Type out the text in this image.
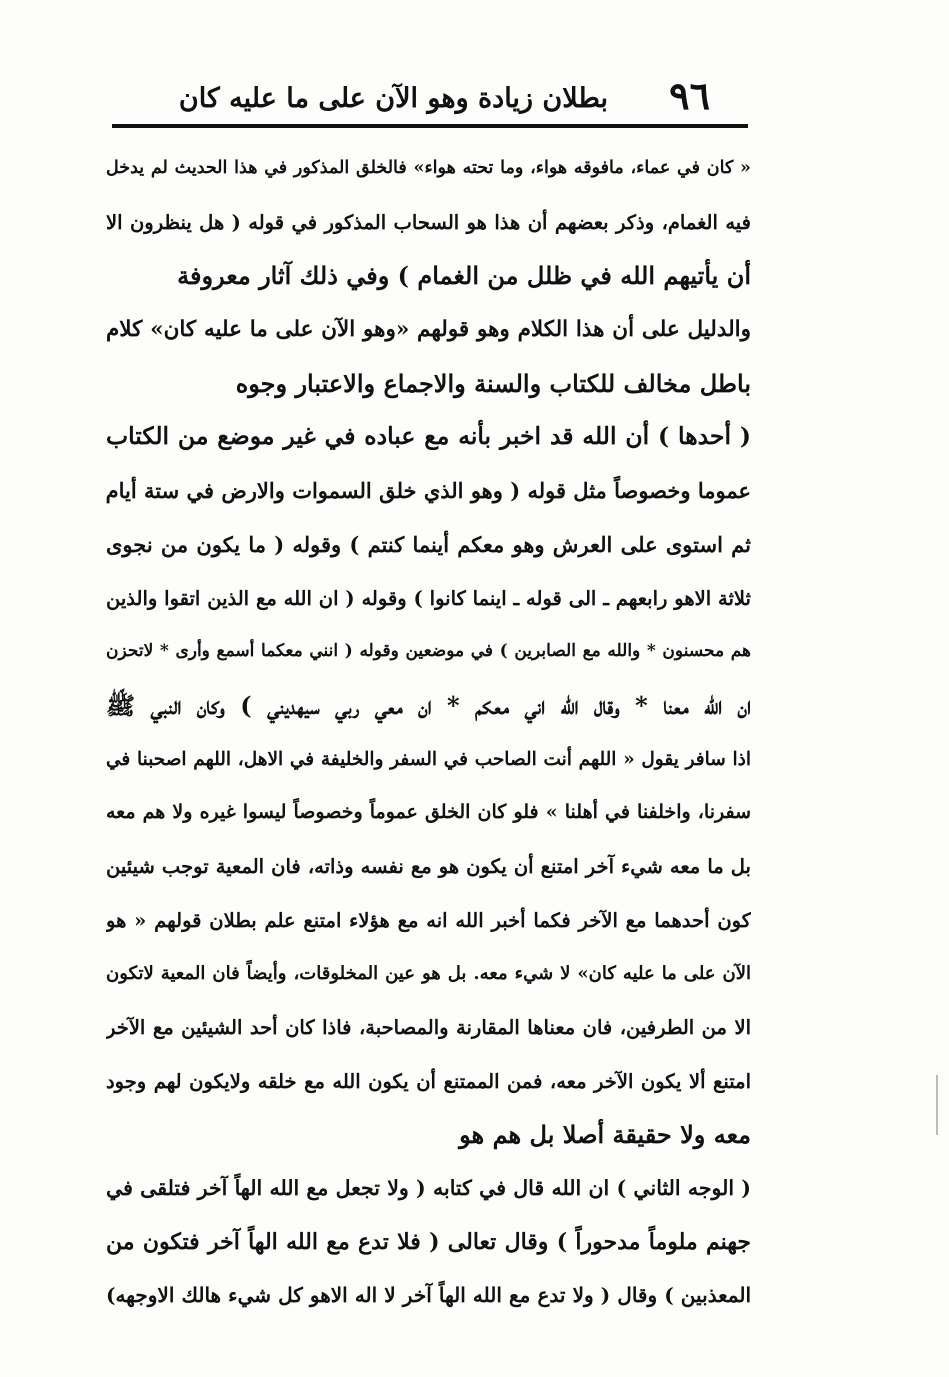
٩٦
بطلان زيادة وهو الآن على ما عليه كان
« كان في عماء، مافوقه هواء، وما تحته هواء» فالخلق المذكور في هذا الحديث لم يدخل
فيه الغمام، وذكر بعضهم أن هذا هو السحاب المذكور في قوله ( هل ينظرون الا
أن يأتيهم الله في ظلل من الغمام ) وفي ذلك آثار معروفة
والدليل على أن هذا الكلام وهو قولهم «وهو الآن على ما عليه كان» كلام
باطل مخالف للكتاب والسنة والاجماع والاعتبار وجوه
( أحدها ) أن الله قد اخبر بأنه مع عباده في غير موضع من الكتاب
عموما وخصوصاً مثل قوله ( وهو الذي خلق السموات والارض في ستة أيام
ثم استوى على العرش وهو معكم أينما كنتم ) وقوله ( ما يكون من نجوى
ثلاثة الاهو رابعهم ـ الى قوله ـ اينما كانوا ) وقوله ( ان الله مع الذين اتقوا والذين
هم محسنون * والله مع الصابرين ) في موضعين وقوله ( انني معكما أسمع وأرى * لاتحزن
ان الله معنا * وقال الله اني معكم * ان معي ربي سيهديني ) وكان النبي ﷺ
اذا سافر يقول « اللهم أنت الصاحب في السفر والخليفة في الاهل، اللهم اصحبنا في
سفرنا، واخلفنا في أهلنا » فلو كان الخلق عموماً وخصوصاً ليسوا غيره ولا هم معه
بل ما معه شيء آخر امتنع أن يكون هو مع نفسه وذاته، فان المعية توجب شيئين
كون أحدهما مع الآخر فكما أخبر الله انه مع هؤلاء امتنع علم بطلان قولهم « هو
الآن على ما عليه كان» لا شيء معه. بل هو عين المخلوقات، وأيضاً فان المعية لاتكون
الا من الطرفين، فان معناها المقارنة والمصاحبة، فاذا كان أحد الشيئين مع الآخر
امتنع ألا يكون الآخر معه، فمن الممتنع أن يكون الله مع خلقه ولايكون لهم وجود
معه ولا حقيقة أصلا بل هم هو
( الوجه الثاني ) ان الله قال في كتابه ( ولا تجعل مع الله الهاً آخر فتلقى في
جهنم ملوماً مدحوراً ) وقال تعالى ( فلا تدع مع الله الهاً آخر فتكون من
المعذبين ) وقال ( ولا تدع مع الله الهاً آخر لا اله الاهو كل شيء هالك الاوجهه)
